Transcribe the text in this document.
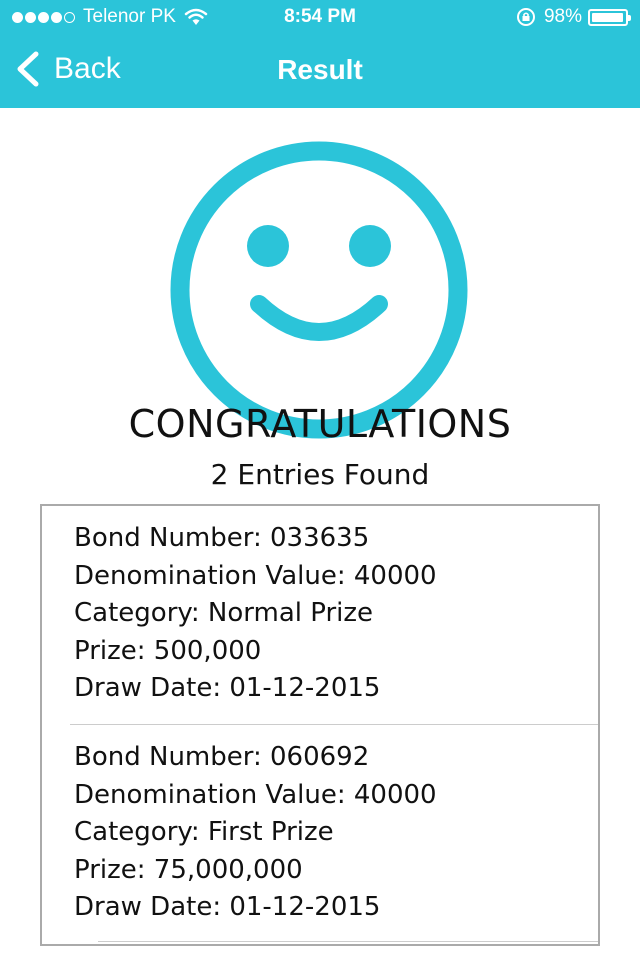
Telenor PK	8:54 PM	98%
Back	Result
CONGRATULATIONS
2 Entries Found
Bond Number: 033635
Denomination Value: 40000
Category: Normal Prize
Prize: 500,000
Draw Date: 01-12-2015
Bond Number: 060692
Denomination Value: 40000
Category: First Prize
Prize: 75,000,000
Draw Date: 01-12-2015
